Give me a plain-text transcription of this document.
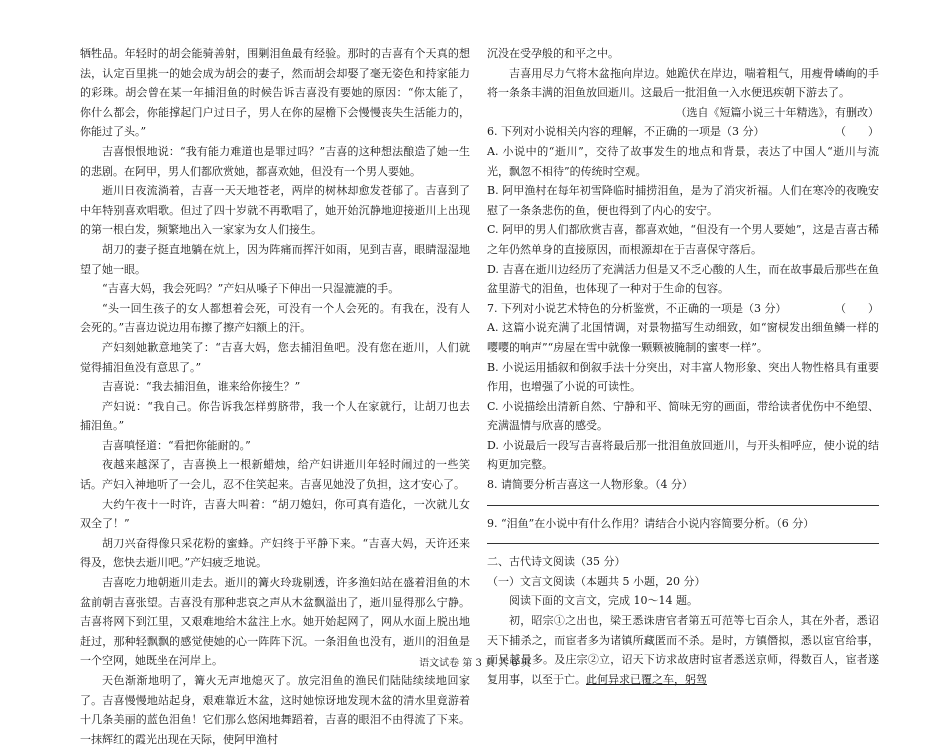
牺牲品。年轻时的胡会能骑善射，围剿泪鱼最有经验。那时的吉喜有个天真的想法，认定百里挑一的她会成为胡会的妻子，然而胡会却娶了毫无姿色和持家能力的彩珠。胡会曾在某一年捕泪鱼的时候告诉吉喜没有要她的原因：“你太能了，你什么都会，你能撑起门户过日子，男人在你的屋檐下会慢慢丧失生活能力的，你能过了头。”

吉喜恨恨地说：“我有能力难道也是罪过吗？”吉喜的这种想法酿造了她一生的悲剧。在阿甲，男人们都欣赏她，都喜欢她，但没有一个男人要她。

逝川日夜流淌着，吉喜一天天地苍老，两岸的树林却愈发苍郁了。吉喜到了中年特别喜欢唱歌。但过了四十岁就不再歌唱了，她开始沉静地迎接逝川上出现的第一根白发，频繁地出入一家家为女人们接生。

胡刀的妻子挺直地躺在炕上，因为阵痛而挥汗如雨，见到吉喜，眼睛湿湿地望了她一眼。

“吉喜大妈，我会死吗？”产妇从嗓子下伸出一只湿漉漉的手。

“头一回生孩子的女人都想着会死，可没有一个人会死的。有我在，没有人会死的。”吉喜边说边用布擦了擦产妇额上的汗。

产妇刻她歉意地笑了：“吉喜大妈，您去捕泪鱼吧。没有您在逝川，人们就觉得捕泪鱼没有意思了。”

吉喜说：“我去捕泪鱼，谁来给你接生？”

产妇说：“我自己。你告诉我怎样剪脐带，我一个人在家就行，让胡刀也去捕泪鱼。”

吉喜嗔怪道：“看把你能耐的。”

夜越来越深了，吉喜换上一根新蜡烛，给产妇讲逝川年轻时闹过的一些笑话。产妇入神地听了一会儿，忍不住笑起来。吉喜见她没了负担，这才安心了。

大约午夜十一时许，吉喜大叫着：“胡刀媳妇，你可真有造化，一次就儿女双全了！”

胡刀兴奋得像只采花粉的蜜蜂。产妇终于平静下来。“吉喜大妈，天许还来得及，您快去逝川吧。”产妇疲乏地说。

吉喜吃力地朝逝川走去。逝川的篝火玲珑剔透，许多渔妇站在盛着泪鱼的木盆前朝吉喜张望。吉喜没有那种悲哀之声从木盆飘溢出了，逝川显得那么宁静。吉喜将网下到江里，又艰难地给木盆注上水。她开始起网了，网从水面上脱出地赶过，那种轻飘飘的感觉使她的心一阵阵下沉。一条泪鱼也没有，逝川的泪鱼是一个空网，她既坐在河岸上。

天色渐渐地明了，篝火无声地熄灭了。放完泪鱼的渔民们陆陆续续地回家了。吉喜慢慢地站起身，艰难靠近木盆，这时她惊讶地发现木盆的清水里竟游着十几条美丽的蓝色泪鱼！它们那么悠闲地舞蹈着，吉喜的眼泪不由得流了下来。一抹辉红的霞光出现在天际，使阿甲渔村

沉没在受孕般的和平之中。

吉喜用尽力气将木盆拖向岸边。她跪伏在岸边，喘着粗气，用瘦骨嶙峋的手将一条条丰满的泪鱼放回逝川。这最后一批泪鱼一入水便迅疾朝下游去了。

（选自《短篇小说三十年精选》，有删改）

6. 下列对小说相关内容的理解，不正确的一项是（3 分）	（　　）

A. 小说中的“逝川”，交待了故事发生的地点和背景，表达了中国人“逝川与流光，飘忽不相待”的传统时空观。

B. 阿甲渔村在每年初雪降临时捕捞泪鱼，是为了消灾祈福。人们在寒冷的夜晚安慰了一条条悲伤的鱼，便也得到了内心的安宁。

C. 阿甲的男人们都欣赏吉喜，都喜欢她，“但没有一个男人要她”，这是吉喜古稀之年仍然单身的直接原因，而根源却在于吉喜保守落后。

D. 吉喜在逝川边经历了充满活力但是又不乏心酸的人生，而在故事最后那些在鱼盆里游弋的泪鱼，也体现了一种对于生命的包容。

7. 下列对小说艺术特色的分析鉴赏，不正确的一项是（3 分）	（　　）

A. 这篇小说充满了北国情调，对景物描写生动细致，如“窗棂发出细鱼鳞一样的嘤嘤的响声”“房屋在雪中就像一颗颗被腌制的蜜枣一样”。

B. 小说运用插叙和倒叙手法十分突出，对丰富人物形象、突出人物性格具有重要作用，也增强了小说的可读性。

C. 小说描绘出清新自然、宁静和平、简味无穷的画面，带给读者优伤中不绝望、充满温情与欣喜的感受。

D. 小说最后一段写吉喜将最后那一批泪鱼放回逝川，与开头相呼应，使小说的结构更加完整。

8. 请简要分析吉喜这一人物形象。（4 分）

9. “泪鱼”在小说中有什么作用？请结合小说内容简要分析。（6 分）

二、古代诗文阅读（35 分）

（一）文言文阅读（本题共 5 小题，20 分）

阅读下面的文言文，完成 10～14 题。

初，昭宗①之出也，梁王悉诛唐官者第五可范等七百余人，其在外者，悉诏天下捕杀之，而宦者多为诸镇所藏匿而不杀。是时，方镇僭拟，悉以宦官给事，而吴越最多。及庄宗②立，诏天下访求故唐时宦者悉送京师，得数百人，宦者遂复用事，以至于亡。此何异求已覆之车，躬驾

语文试卷 第 3 页 共 6 页
